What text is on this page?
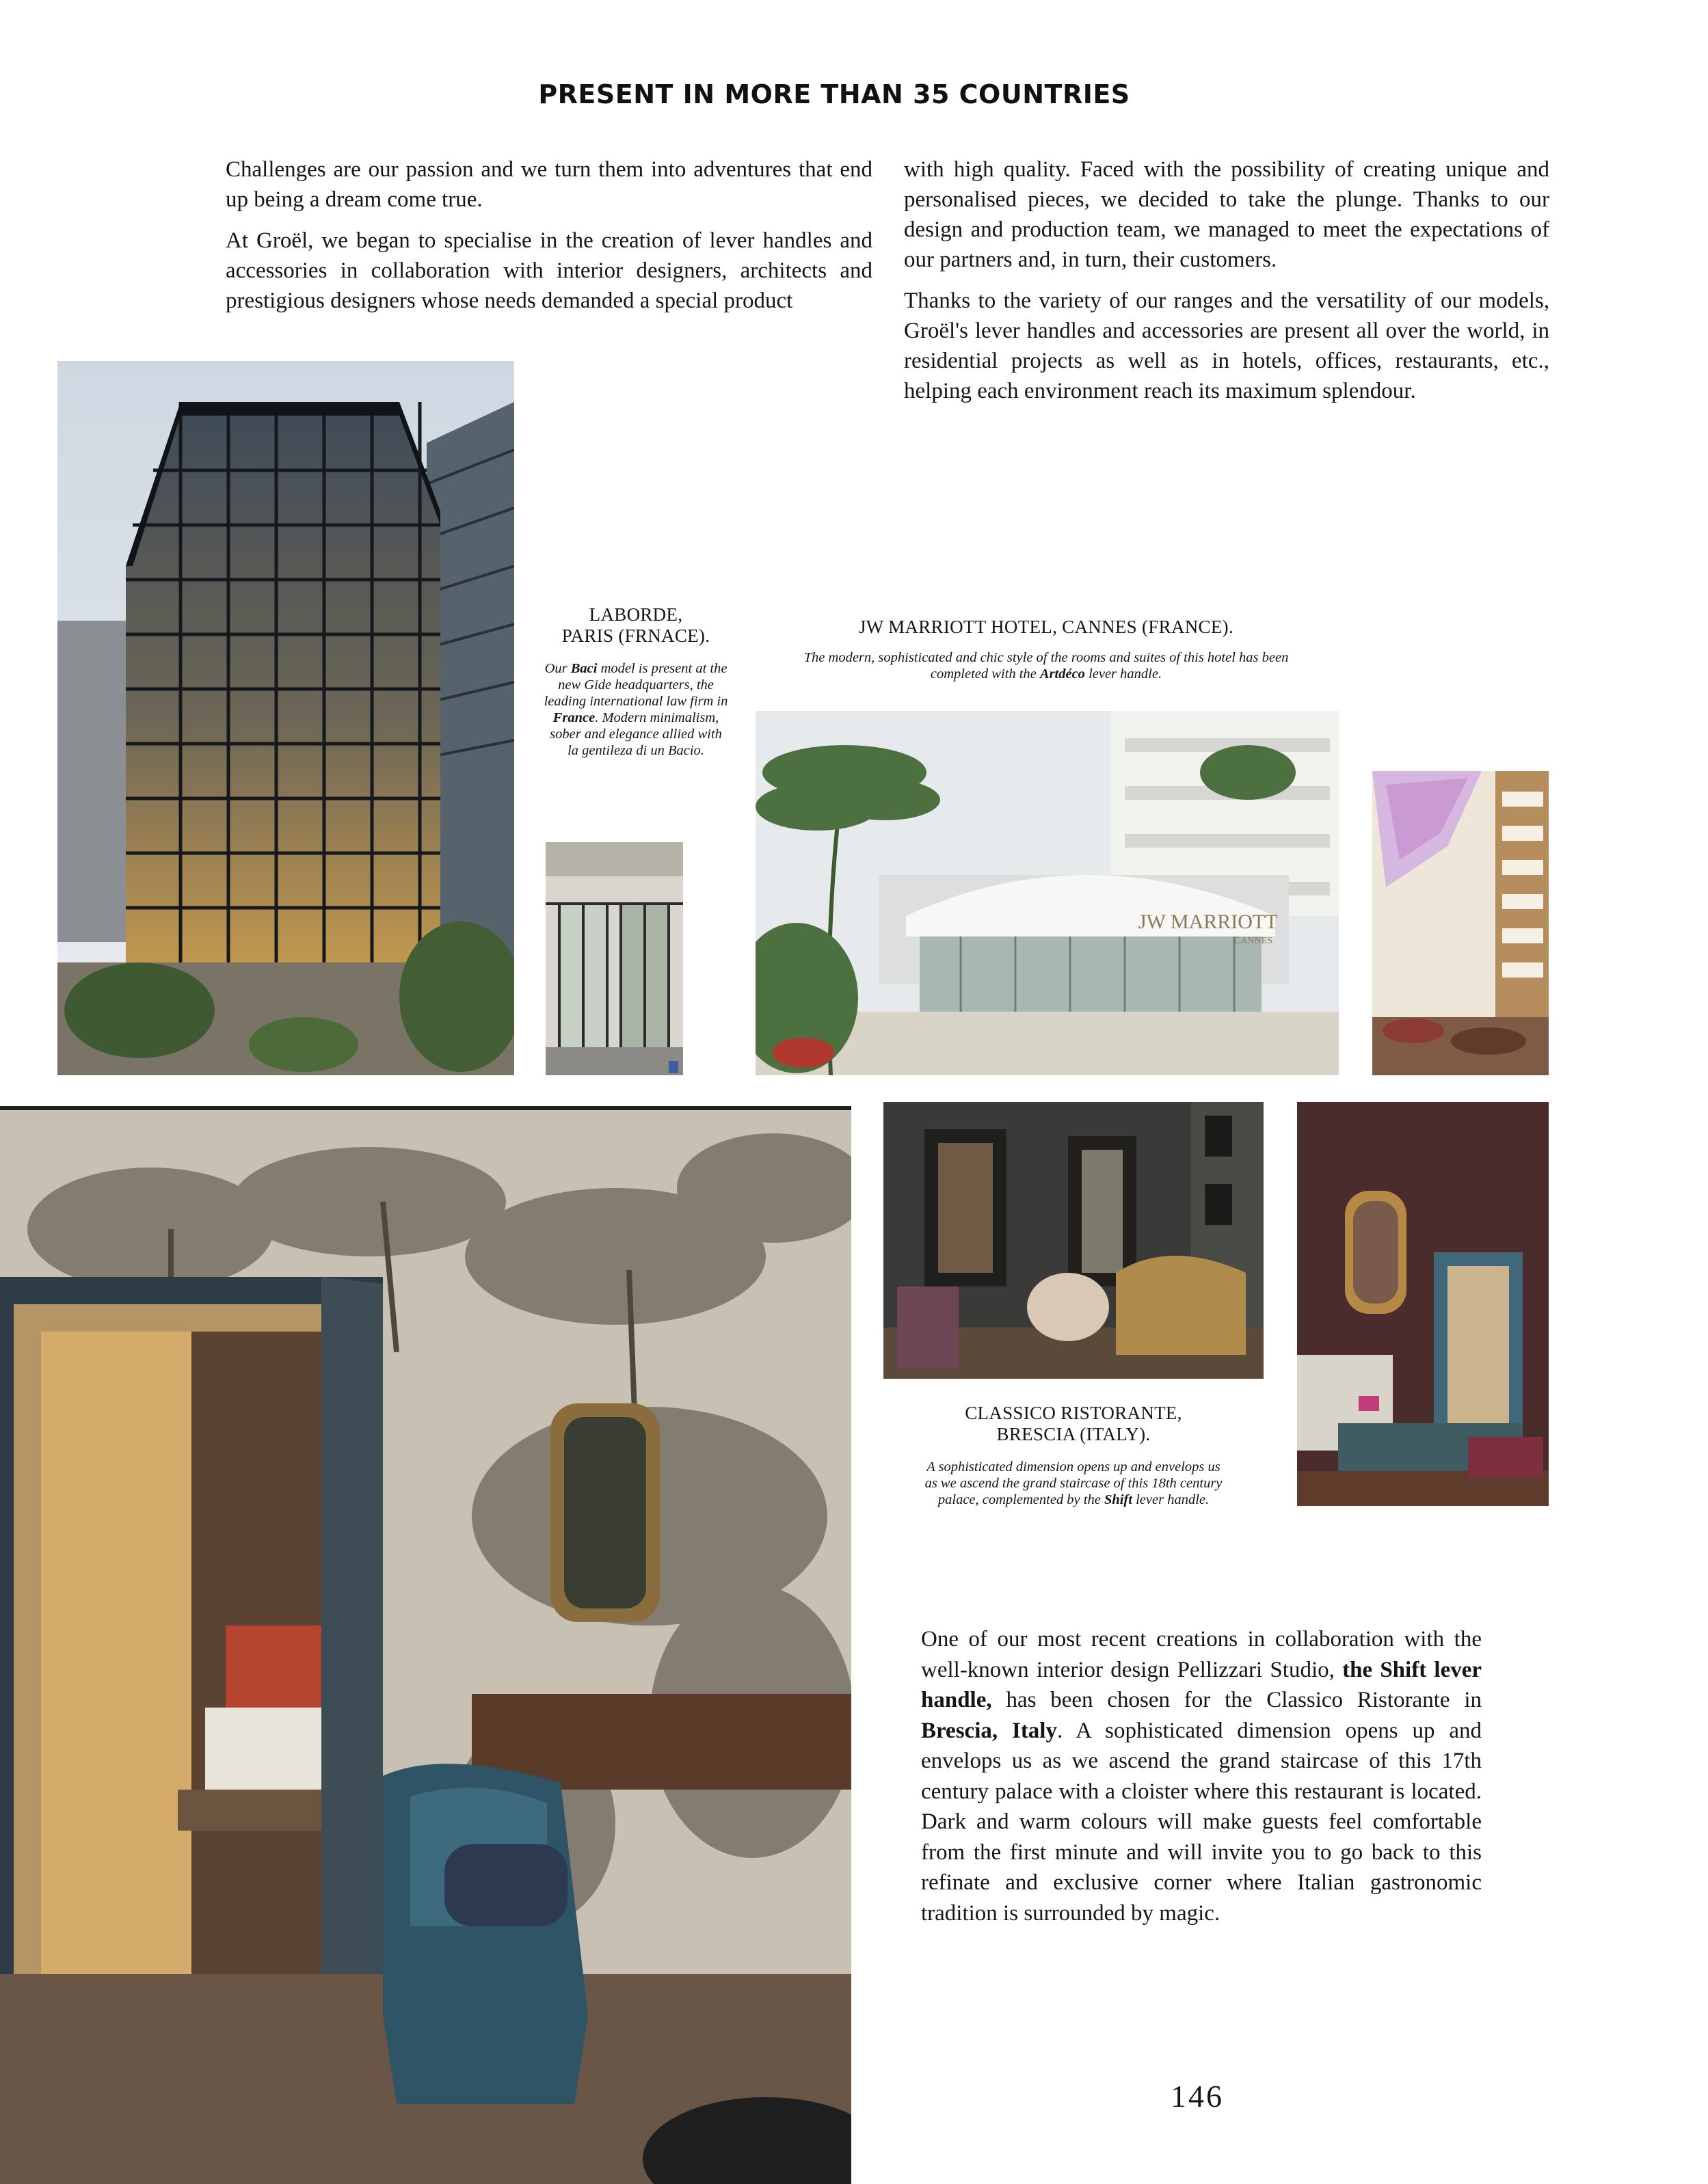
PRESENT IN MORE THAN 35 COUNTRIES

Challenges are our passion and we turn them into adventures that end up being a dream come true.

At Groël, we began to specialise in the creation of lever handles and accessories in collaboration with interior designers, architects and prestigious designers whose needs demanded a special product

with high quality. Faced with the possibility of creating unique and personalised pieces, we decided to take the plunge. Thanks to our design and production team, we managed to meet the expectations of our partners and, in turn, their customers.

Thanks to the variety of our ranges and the versatility of our models, Groël's lever handles and accessories are present all over the world, in residential projects as well as in hotels, offices, restaurants, etc., helping each environment reach its maximum splendour.

LABORDE,
PARIS (FRNACE).
Our Baci model is present at the new Gide headquarters, the leading international law firm in France. Modern minimalism, sober and elegance allied with la gentileza di un Bacio.
JW MARRIOTT HOTEL, CANNES (FRANCE).
The modern, sophisticated and chic style of the rooms and suites of this hotel has been completed with the Artdéco lever handle.
JW MARRIOTT
CANNES
CLASSICO RISTORANTE,
BRESCIA (ITALY).
A sophisticated dimension opens up and envelops us as we ascend the grand staircase of this 18th century palace, complemented by the Shift lever handle.
One of our most recent creations in collaboration with the well-known interior design Pellizzari Studio, the Shift lever handle, has been chosen for the Classico Ristorante in Brescia, Italy. A sophisticated dimension opens up and envelops us as we ascend the grand staircase of this 17th century palace with a cloister where this restaurant is located. Dark and warm colours will make guests feel comfortable from the first minute and will invite you to go back to this refinate and exclusive corner where Italian gastronomic tradition is surrounded by magic.
146
